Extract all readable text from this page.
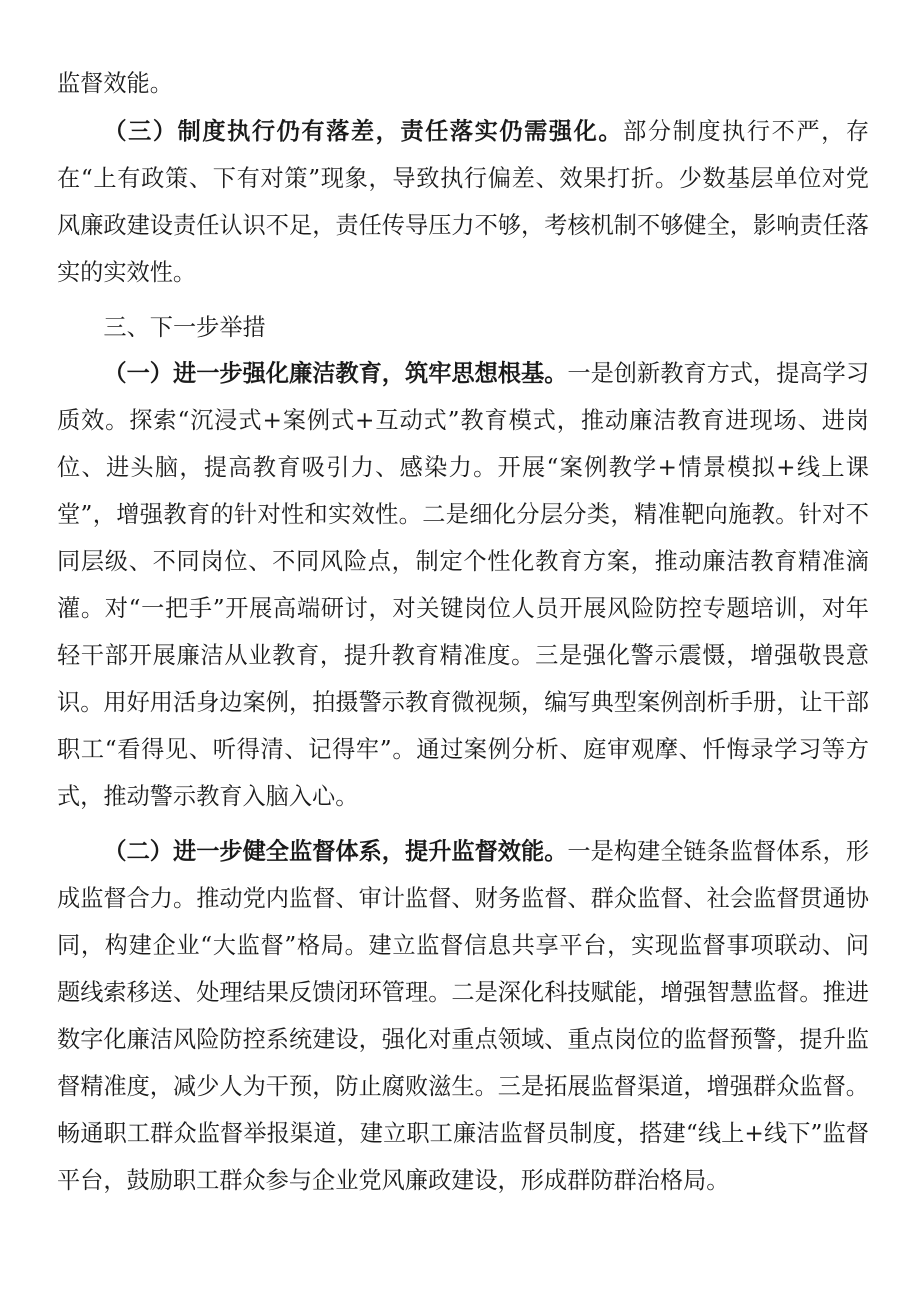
监督效能。

（三）制度执行仍有落差，责任落实仍需强化。部分制度执行不严，存在“上有政策、下有对策”现象，导致执行偏差、效果打折。少数基层单位对党风廉政建设责任认识不足，责任传导压力不够，考核机制不够健全，影响责任落实的实效性。

三、下一步举措

（一）进一步强化廉洁教育，筑牢思想根基。一是创新教育方式，提高学习质效。探索“沉浸式+案例式+互动式”教育模式，推动廉洁教育进现场、进岗位、进头脑，提高教育吸引力、感染力。开展“案例教学+情景模拟+线上课堂”，增强教育的针对性和实效性。二是细化分层分类，精准靶向施教。针对不同层级、不同岗位、不同风险点，制定个性化教育方案，推动廉洁教育精准滴灌。对“一把手”开展高端研讨，对关键岗位人员开展风险防控专题培训，对年轻干部开展廉洁从业教育，提升教育精准度。三是强化警示震慑，增强敬畏意识。用好用活身边案例，拍摄警示教育微视频，编写典型案例剖析手册，让干部职工“看得见、听得清、记得牢”。通过案例分析、庭审观摩、忏悔录学习等方式，推动警示教育入脑入心。

（二）进一步健全监督体系，提升监督效能。一是构建全链条监督体系，形成监督合力。推动党内监督、审计监督、财务监督、群众监督、社会监督贯通协同，构建企业“大监督”格局。建立监督信息共享平台，实现监督事项联动、问题线索移送、处理结果反馈闭环管理。二是深化科技赋能，增强智慧监督。推进数字化廉洁风险防控系统建设，强化对重点领域、重点岗位的监督预警，提升监督精准度，减少人为干预，防止腐败滋生。三是拓展监督渠道，增强群众监督。畅通职工群众监督举报渠道，建立职工廉洁监督员制度，搭建“线上+线下”监督平台，鼓励职工群众参与企业党风廉政建设，形成群防群治格局。
